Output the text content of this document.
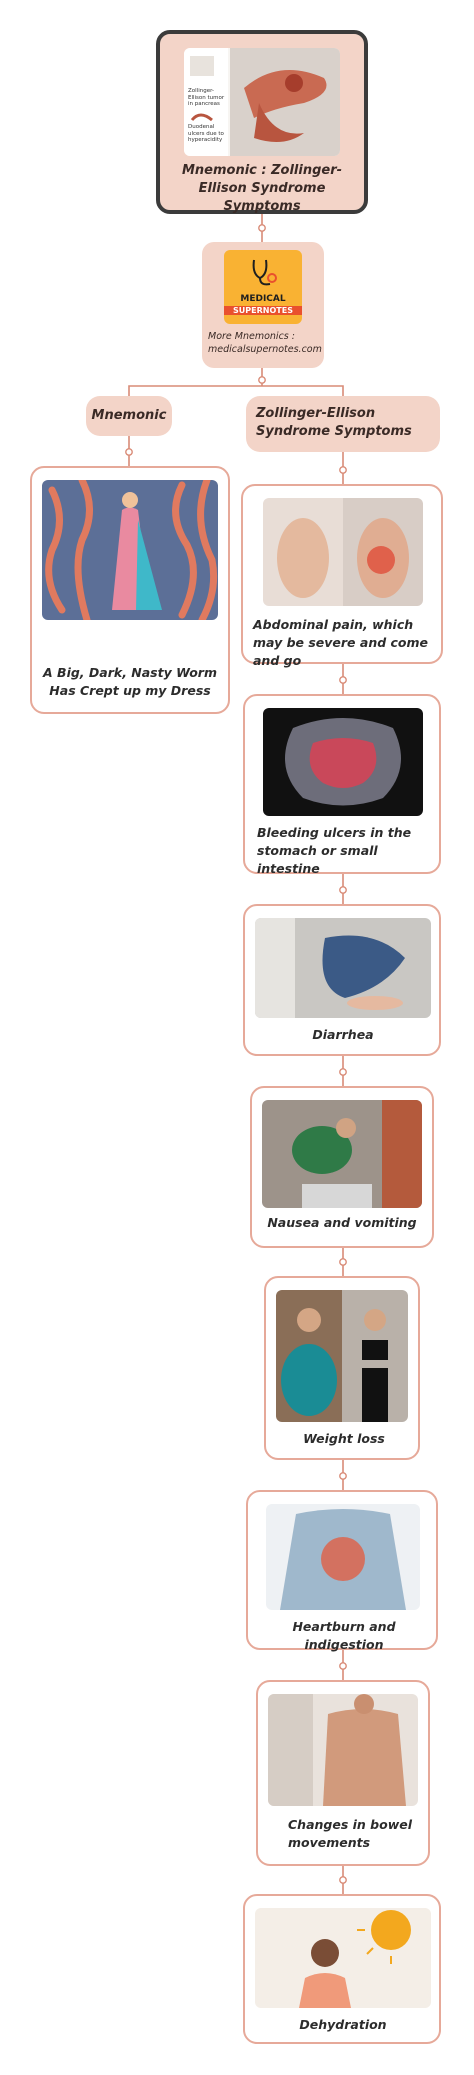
Zollinger-Ellison tumor in pancreas
Duodenal ulcers due to hyperacidity
Mnemonic : Zollinger-Ellison Syndrome Symptoms
MEDICAL
SUPERNOTES
More Mnemonics : medicalsupernotes.com
Mnemonic	Zollinger-Ellison Syndrome Symptoms
A Big, Dark, Nasty Worm Has Crept up my Dress
Abdominal pain, which may be severe and come and go
Bleeding ulcers in the stomach or small intestine
Diarrhea
Nausea and vomiting
Weight loss
Heartburn and indigestion
Changes in bowel movements
Dehydration
